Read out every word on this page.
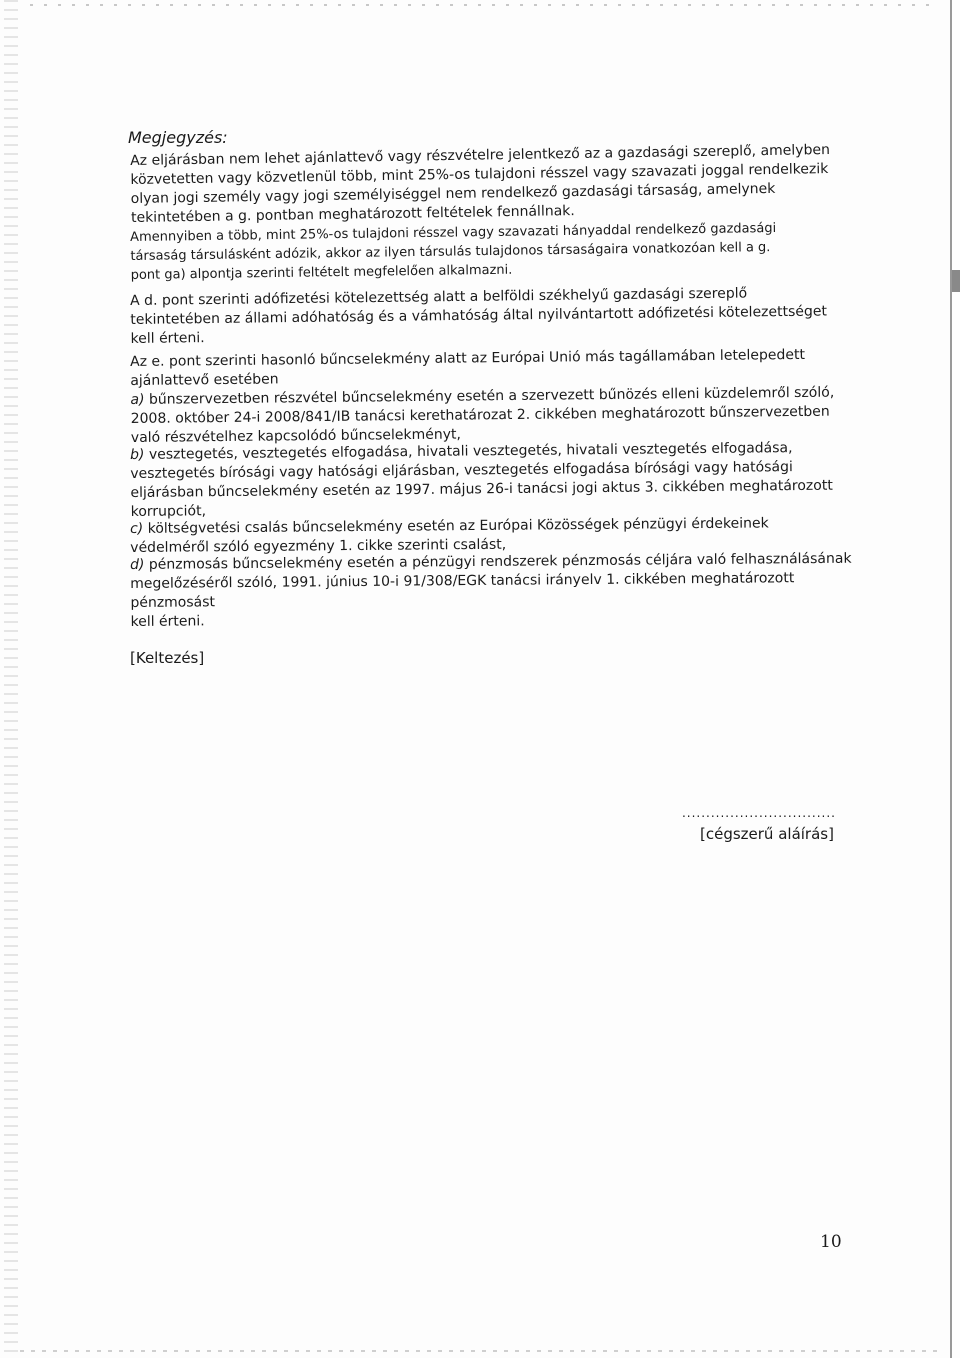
Megjegyzés:
Az eljárásban nem lehet ajánlattevő vagy részvételre jelentkező az a gazdasági szereplő, amelyben
közvetetten vagy közvetlenül több, mint 25%-os tulajdoni résszel vagy szavazati joggal rendelkezik
olyan jogi személy vagy jogi személyiséggel nem rendelkező gazdasági társaság, amelynek
tekintetében a g. pontban meghatározott feltételek fennállnak.
Amennyiben a több, mint 25%-os tulajdoni résszel vagy szavazati hányaddal rendelkező gazdasági
társaság társulásként adózik, akkor az ilyen társulás tulajdonos társaságaira vonatkozóan kell a g.
pont ga) alpontja szerinti feltételt megfelelően alkalmazni.
A d. pont szerinti adófizetési kötelezettség alatt a belföldi székhelyű gazdasági szereplő
tekintetében az állami adóhatóság és a vámhatóság által nyilvántartott adófizetési kötelezettséget
kell érteni.
Az e. pont szerinti hasonló bűncselekmény alatt az Európai Unió más tagállamában letelepedett
ajánlattevő esetében
a) bűnszervezetben részvétel bűncselekmény esetén a szervezett bűnözés elleni küzdelemről szóló,
2008. október 24-i 2008/841/IB tanácsi kerethatározat 2. cikkében meghatározott bűnszervezetben
való részvételhez kapcsolódó bűncselekményt,
b) vesztegetés, vesztegetés elfogadása, hivatali vesztegetés, hivatali vesztegetés elfogadása,
vesztegetés bírósági vagy hatósági eljárásban, vesztegetés elfogadása bírósági vagy hatósági
eljárásban bűncselekmény esetén az 1997. május 26-i tanácsi jogi aktus 3. cikkében meghatározott
korrupciót,
c) költségvetési csalás bűncselekmény esetén az Európai Közösségek pénzügyi érdekeinek
védelméről szóló egyezmény 1. cikke szerinti csalást,
d) pénzmosás bűncselekmény esetén a pénzügyi rendszerek pénzmosás céljára való felhasználásának
megelőzéséről szóló, 1991. június 10-i 91/308/EGK tanácsi irányelv 1. cikkében meghatározott
pénzmosást
kell érteni.
[Keltezés]
................................
[cégszerű aláírás]
10
